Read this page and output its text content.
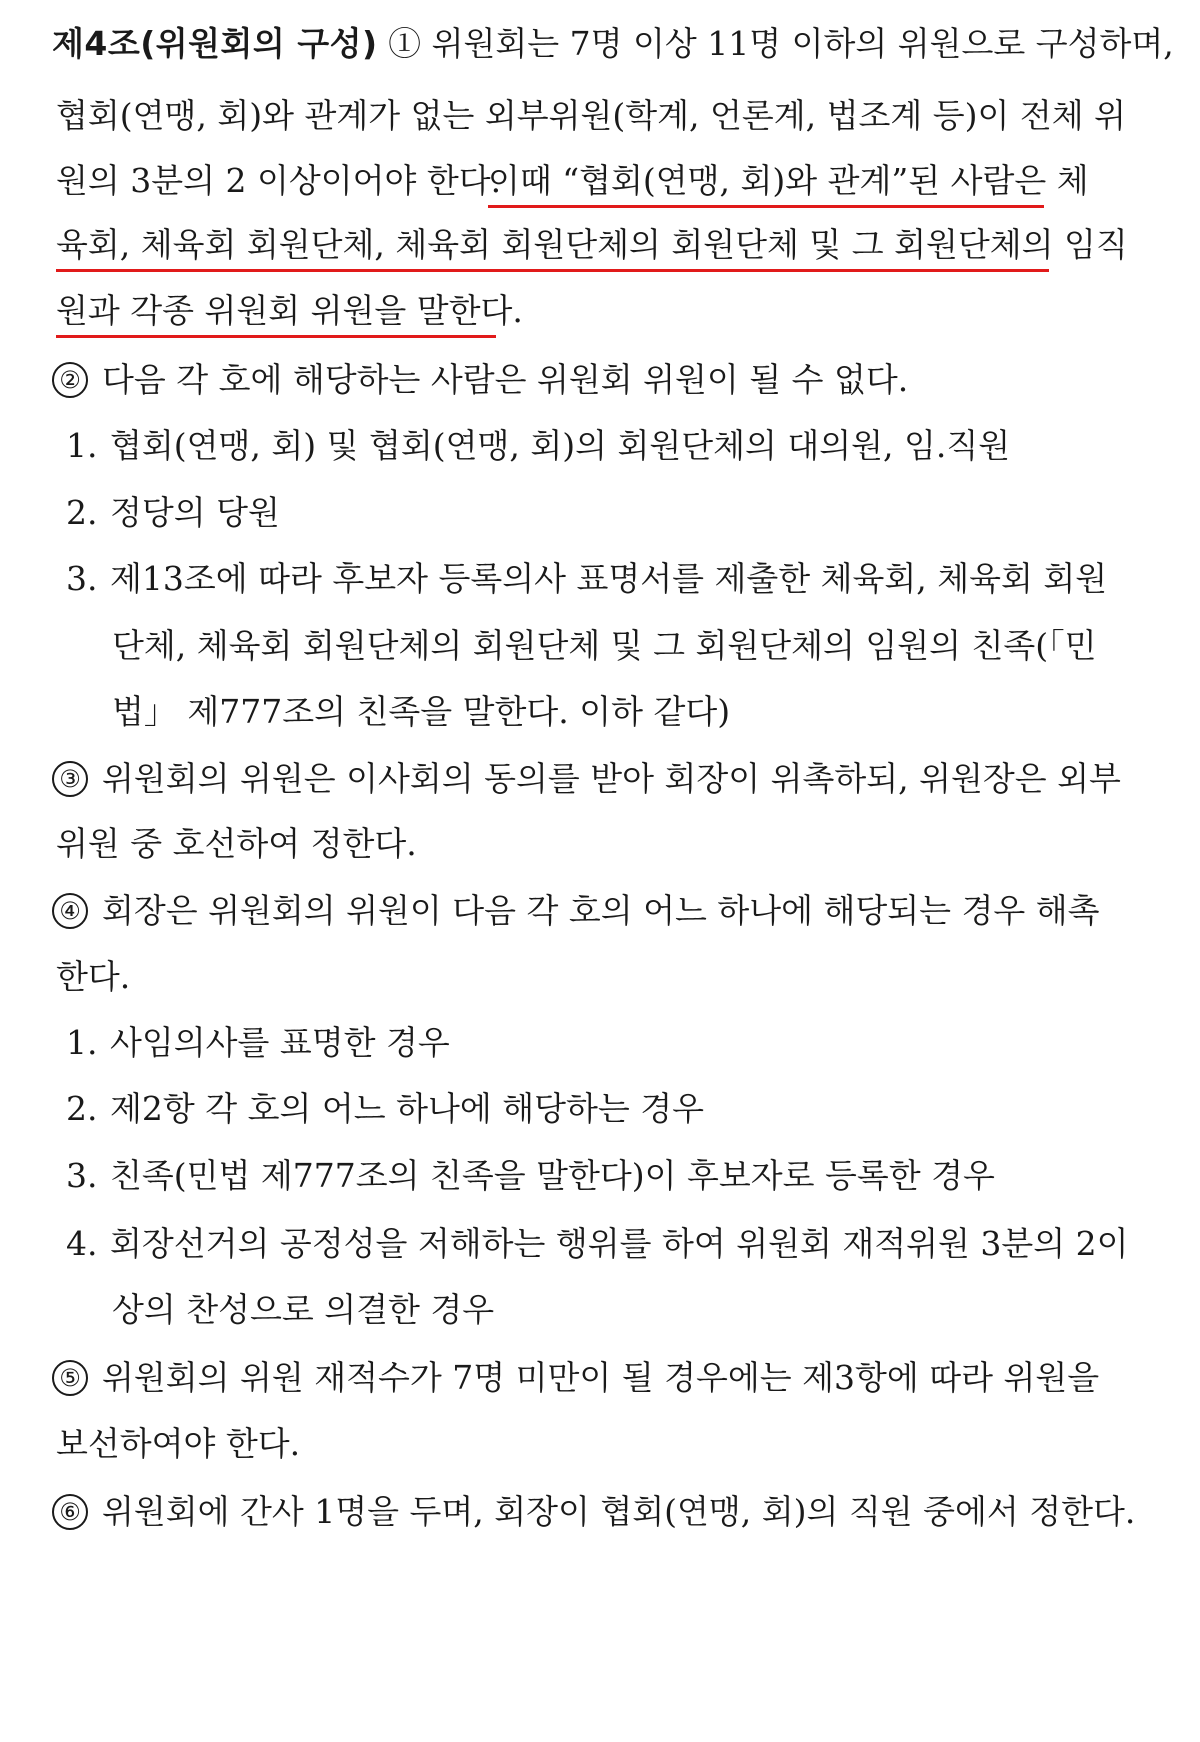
제4조(위원회의 구성) ① 위원회는 7명 이상 11명 이하의 위원으로 구성하며,
협회(연맹, 회)와 관계가 없는 외부위원(학계, 언론계, 법조계 등)이 전체 위
원의 3분의 2 이상이어야 한다.
이때 “협회(연맹, 회)와 관계”된 사람은 체
육회, 체육회 회원단체, 체육회 회원단체의 회원단체 및 그 회원단체의 임직
원과 각종 위원회 위원을 말한다.
② 다음 각 호에 해당하는 사람은 위원회 위원이 될 수 없다.
1. 협회(연맹, 회) 및 협회(연맹, 회)의 회원단체의 대의원, 임.직원
2. 정당의 당원
3. 제13조에 따라 후보자 등록의사 표명서를 제출한 체육회, 체육회 회원
단체, 체육회 회원단체의 회원단체 및 그 회원단체의 임원의 친족(「민
법」 제777조의 친족을 말한다. 이하 같다)
③ 위원회의 위원은 이사회의 동의를 받아 회장이 위촉하되, 위원장은 외부
위원 중 호선하여 정한다.
④ 회장은 위원회의 위원이 다음 각 호의 어느 하나에 해당되는 경우 해촉
한다.
1. 사임의사를 표명한 경우
2. 제2항 각 호의 어느 하나에 해당하는 경우
3. 친족(민법 제777조의 친족을 말한다)이 후보자로 등록한 경우
4. 회장선거의 공정성을 저해하는 행위를 하여 위원회 재적위원 3분의 2이
상의 찬성으로 의결한 경우
⑤ 위원회의 위원 재적수가 7명 미만이 될 경우에는 제3항에 따라 위원을
보선하여야 한다.
⑥ 위원회에 간사 1명을 두며, 회장이 협회(연맹, 회)의 직원 중에서 정한다.
